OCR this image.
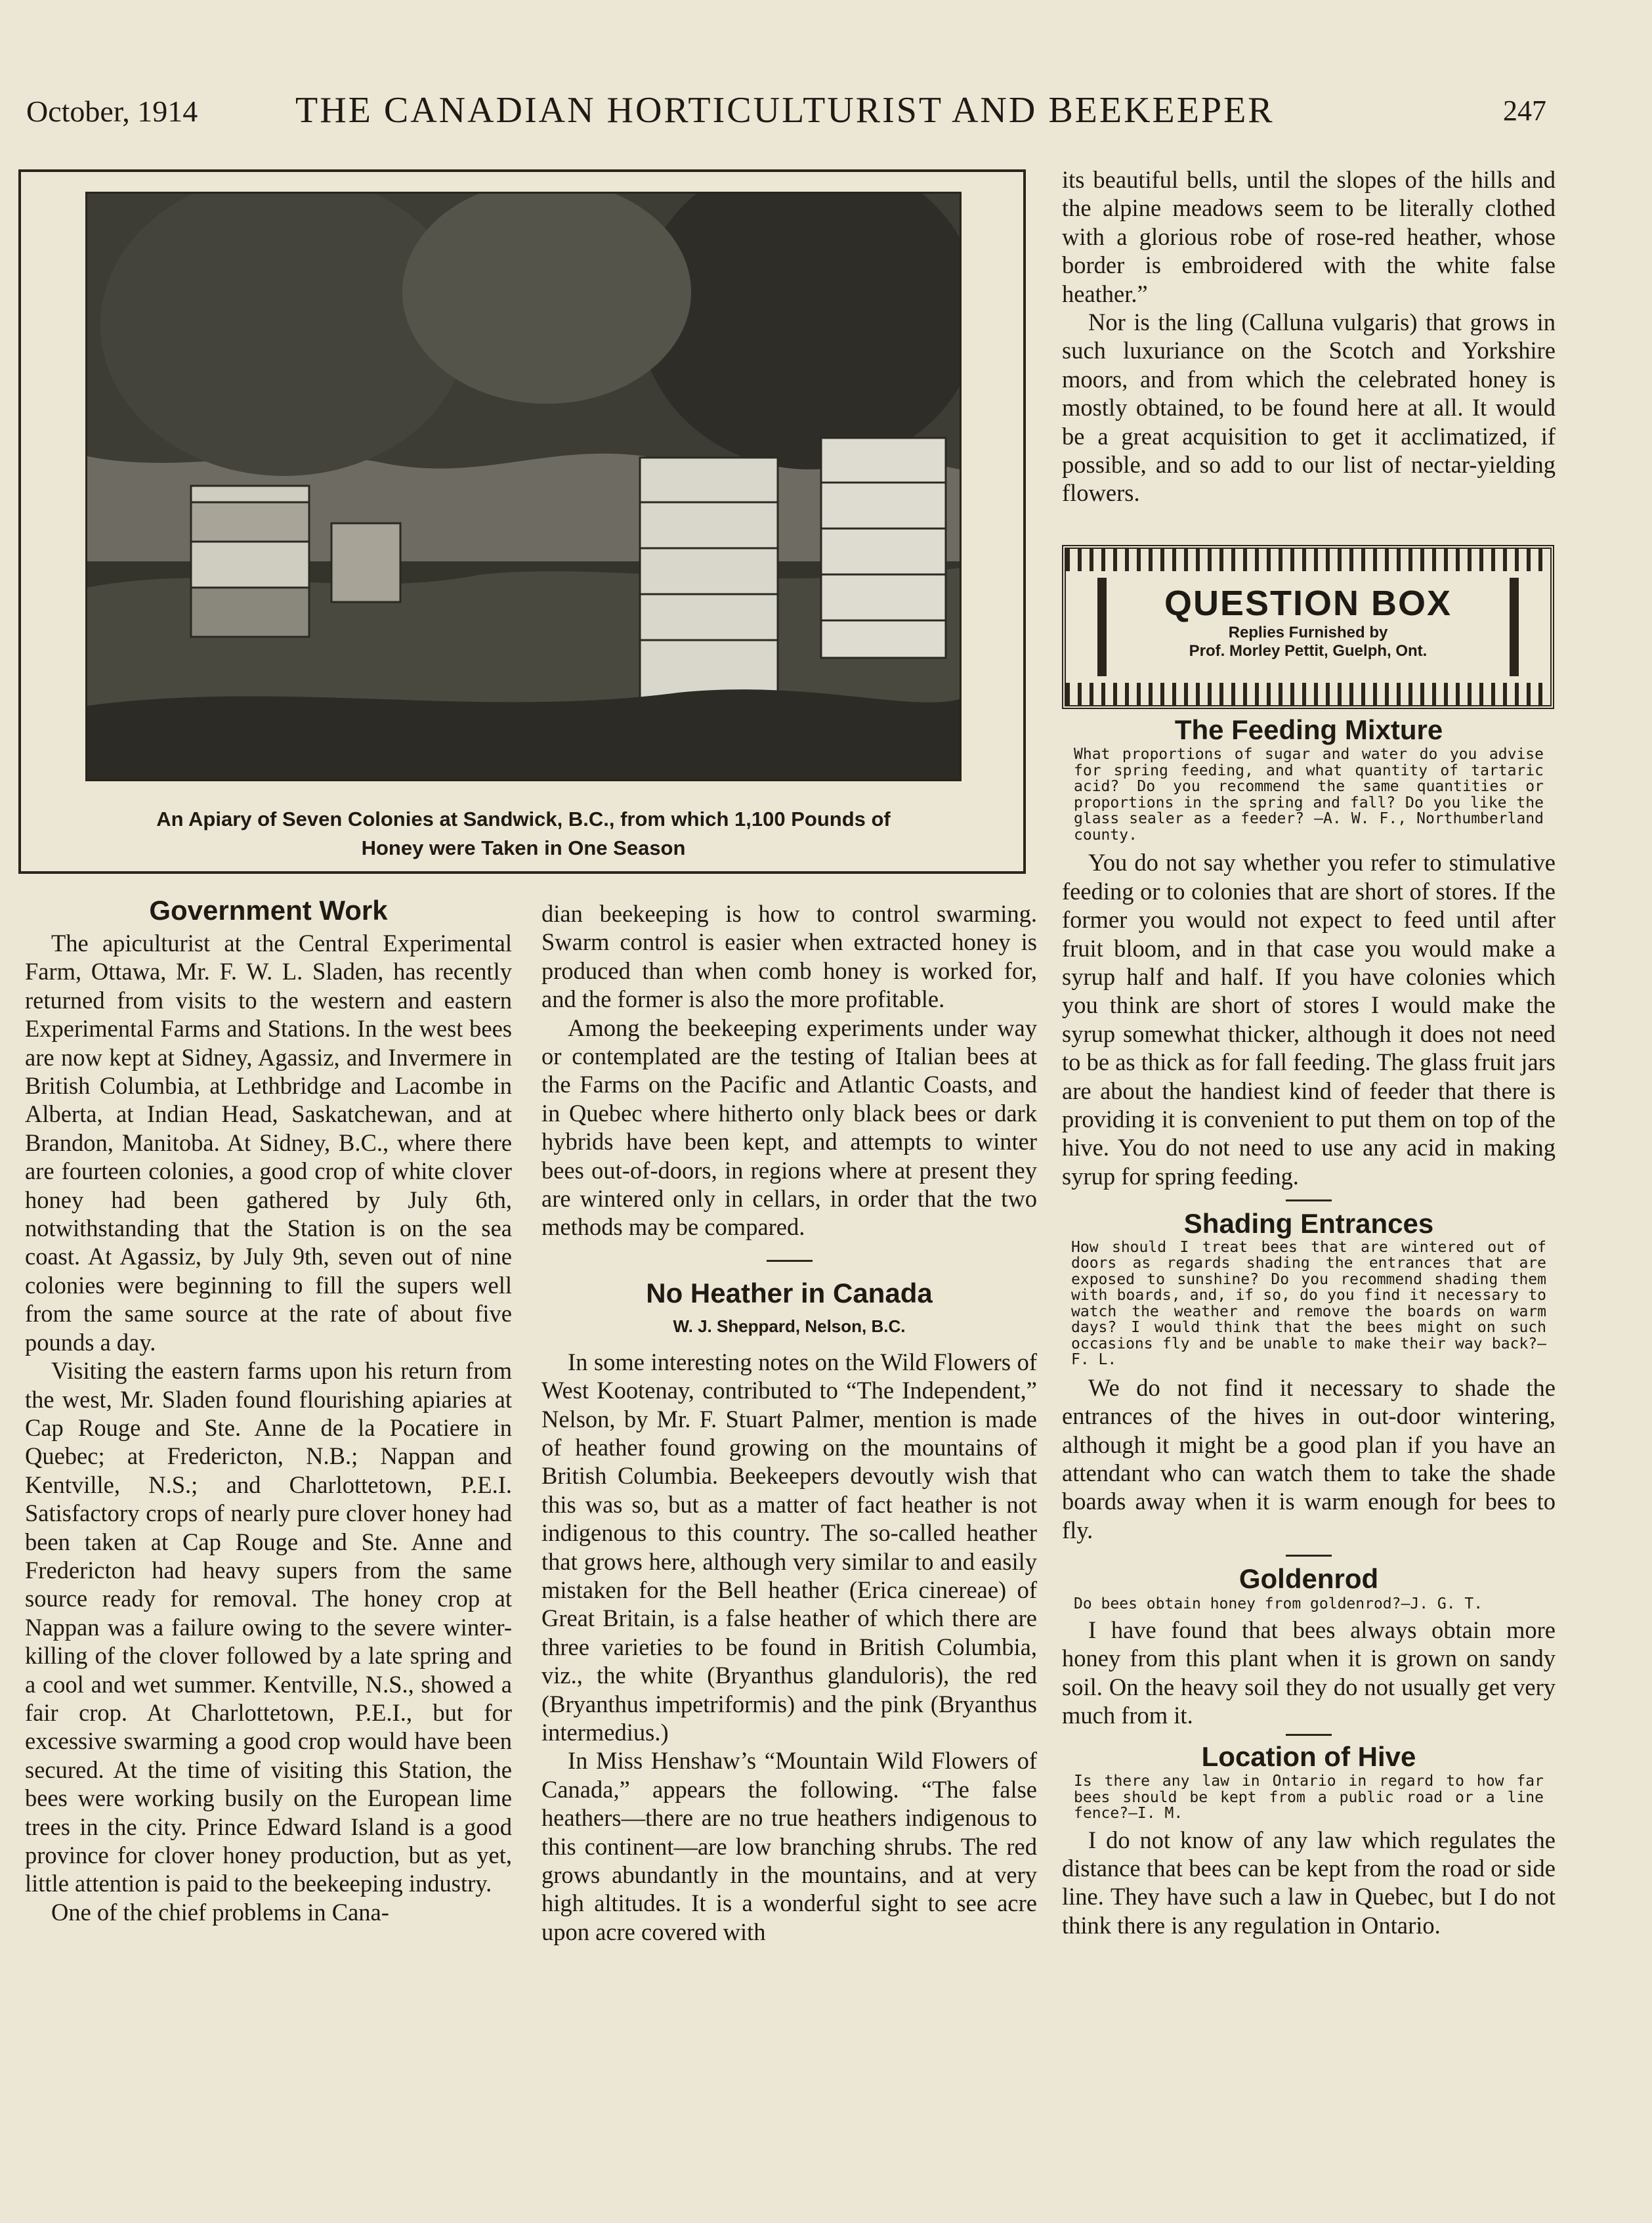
October, 1914	THE CANADIAN HORTICULTURIST AND BEEKEEPER	247
An Apiary of Seven Colonies at Sandwick, B.C., from which 1,100 Pounds of
Honey were Taken in One Season
Government Work

The apiculturist at the Central Experimental Farm, Ottawa, Mr. F. W. L. Sladen, has recently returned from visits to the western and eastern Experimental Farms and Stations. In the west bees are now kept at Sidney, Agassiz, and Invermere in British Columbia, at Lethbridge and Lacombe in Alberta, at Indian Head, Saskatchewan, and at Brandon, Manitoba. At Sidney, B.C., where there are fourteen colonies, a good crop of white clover honey had been gathered by July 6th, notwithstanding that the Station is on the sea coast. At Agassiz, by July 9th, seven out of nine colonies were beginning to fill the supers well from the same source at the rate of about five pounds a day.

Visiting the eastern farms upon his return from the west, Mr. Sladen found flourishing apiaries at Cap Rouge and Ste. Anne de la Pocatiere in Quebec; at Fredericton, N.B.; Nappan and Kentville, N.S.; and Charlottetown, P.E.I. Satisfactory crops of nearly pure clover honey had been taken at Cap Rouge and Ste. Anne and Fredericton had heavy supers from the same source ready for removal. The honey crop at Nappan was a failure owing to the severe winter-killing of the clover followed by a late spring and a cool and wet summer. Kentville, N.S., showed a fair crop. At Charlottetown, P.E.I., but for excessive swarming a good crop would have been secured. At the time of visiting this Station, the bees were working busily on the European lime trees in the city. Prince Edward Island is a good province for clover honey production, but as yet, little attention is paid to the beekeeping industry.

One of the chief problems in Cana-

dian beekeeping is how to control swarming. Swarm control is easier when extracted honey is produced than when comb honey is worked for, and the former is also the more profitable.

Among the beekeeping experiments under way or contemplated are the testing of Italian bees at the Farms on the Pacific and Atlantic Coasts, and in Quebec where hitherto only black bees or dark hybrids have been kept, and attempts to winter bees out-of-doors, in regions where at present they are wintered only in cellars, in order that the two methods may be compared.

No Heather in Canada
W. J. Sheppard, Nelson, B.C.

In some interesting notes on the Wild Flowers of West Kootenay, contributed to “The Independent,” Nelson, by Mr. F. Stuart Palmer, mention is made of heather found growing on the mountains of British Columbia. Beekeepers devoutly wish that this was so, but as a matter of fact heather is not indigenous to this country. The so-called heather that grows here, although very similar to and easily mistaken for the Bell heather (Erica cinereae) of Great Britain, is a false heather of which there are three varieties to be found in British Columbia, viz., the white (Bryanthus glanduloris), the red (Bryanthus impetriformis) and the pink (Bryanthus intermedius.)

In Miss Henshaw’s “Mountain Wild Flowers of Canada,” appears the following. “The false heathers—there are no true heathers indigenous to this continent—are low branching shrubs. The red grows abundantly in the mountains, and at very high altitudes. It is a wonderful sight to see acre upon acre covered with

its beautiful bells, until the slopes of the hills and the alpine meadows seem to be literally clothed with a glorious robe of rose-red heather, whose border is embroidered with the white false heather.”

Nor is the ling (Calluna vulgaris) that grows in such luxuriance on the Scotch and Yorkshire moors, and from which the celebrated honey is mostly obtained, to be found here at all. It would be a great acquisition to get it acclimatized, if possible, and so add to our list of nectar-yielding flowers.

QUESTION BOX
Replies Furnished by
Prof. Morley Pettit, Guelph, Ont.
The Feeding Mixture
What proportions of sugar and water do you advise for spring feeding, and what quantity of tartaric acid? Do you recommend the same quantities or proportions in the spring and fall? Do you like the glass sealer as a feeder? —A. W. F., Northumberland county.

You do not say whether you refer to stimulative feeding or to colonies that are short of stores. If the former you would not expect to feed until after fruit bloom, and in that case you would make a syrup half and half. If you have colonies which you think are short of stores I would make the syrup somewhat thicker, although it does not need to be as thick as for fall feeding. The glass fruit jars are about the handiest kind of feeder that there is providing it is convenient to put them on top of the hive. You do not need to use any acid in making syrup for spring feeding.

Shading Entrances
How should I treat bees that are wintered out of doors as regards shading the entrances that are exposed to sunshine? Do you recommend shading them with boards, and, if so, do you find it necessary to watch the weather and remove the boards on warm days? I would think that the bees might on such occasions fly and be unable to make their way back?—F. L.

We do not find it necessary to shade the entrances of the hives in out-door wintering, although it might be a good plan if you have an attendant who can watch them to take the shade boards away when it is warm enough for bees to fly.

Goldenrod
Do bees obtain honey from goldenrod?—J. G. T.

I have found that bees always obtain more honey from this plant when it is grown on sandy soil. On the heavy soil they do not usually get very much from it.

Location of Hive
Is there any law in Ontario in regard to how far bees should be kept from a public road or a line fence?—I. M.

I do not know of any law which regulates the distance that bees can be kept from the road or side line. They have such a law in Quebec, but I do not think there is any regulation in Ontario.
